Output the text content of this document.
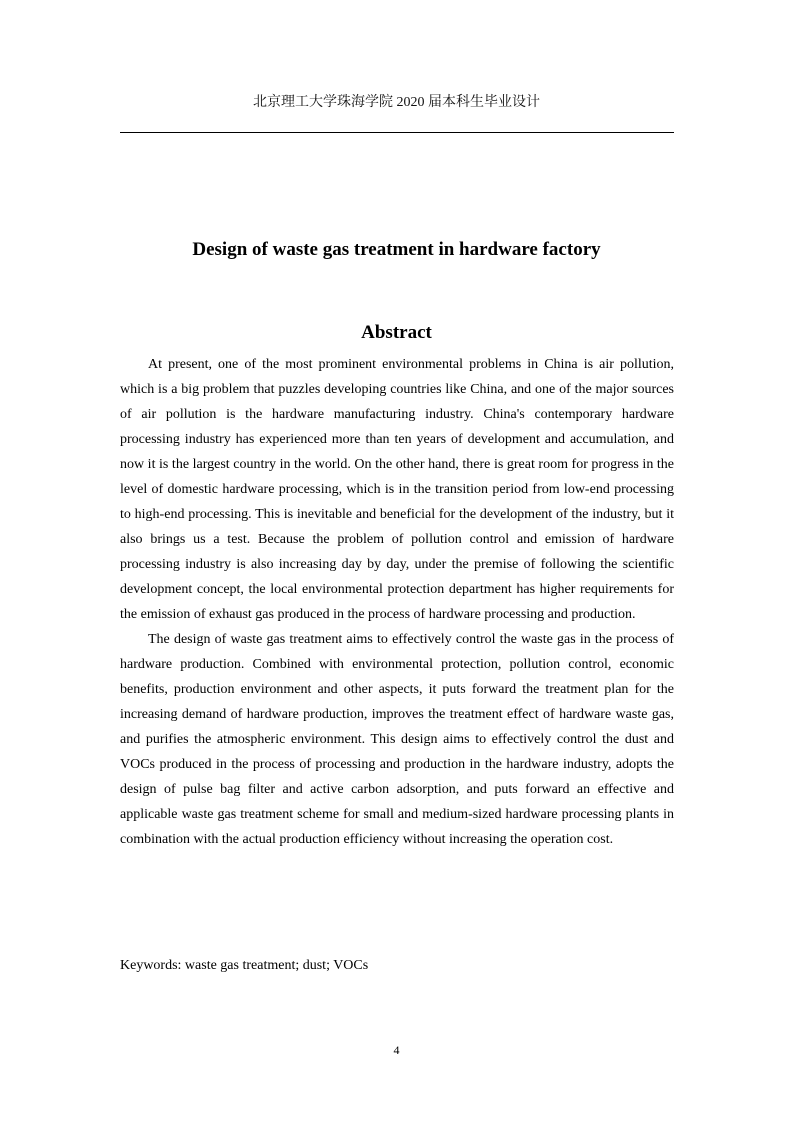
北京理工大学珠海学院 2020 届本科生毕业设计
Design of waste gas treatment in hardware factory
Abstract

At present, one of the most prominent environmental problems in China is air pollution, which is a big problem that puzzles developing countries like China, and one of the major sources of air pollution is the hardware manufacturing industry. China's contemporary hardware processing industry has experienced more than ten years of development and accumulation, and now it is the largest country in the world. On the other hand, there is great room for progress in the level of domestic hardware processing, which is in the transition period from low-end processing to high-end processing. This is inevitable and beneficial for the development of the industry, but it also brings us a test. Because the problem of pollution control and emission of hardware processing industry is also increasing day by day, under the premise of following the scientific development concept, the local environmental protection department has higher requirements for the emission of exhaust gas produced in the process of hardware processing and production.

The design of waste gas treatment aims to effectively control the waste gas in the process of hardware production. Combined with environmental protection, pollution control, economic benefits, production environment and other aspects, it puts forward the treatment plan for the increasing demand of hardware production, improves the treatment effect of hardware waste gas, and purifies the atmospheric environment. This design aims to effectively control the dust and VOCs produced in the process of processing and production in the hardware industry, adopts the design of pulse bag filter and active carbon adsorption, and puts forward an effective and applicable waste gas treatment scheme for small and medium-sized hardware processing plants in combination with the actual production efficiency without increasing the operation cost.

Keywords: waste gas treatment; dust; VOCs
4
